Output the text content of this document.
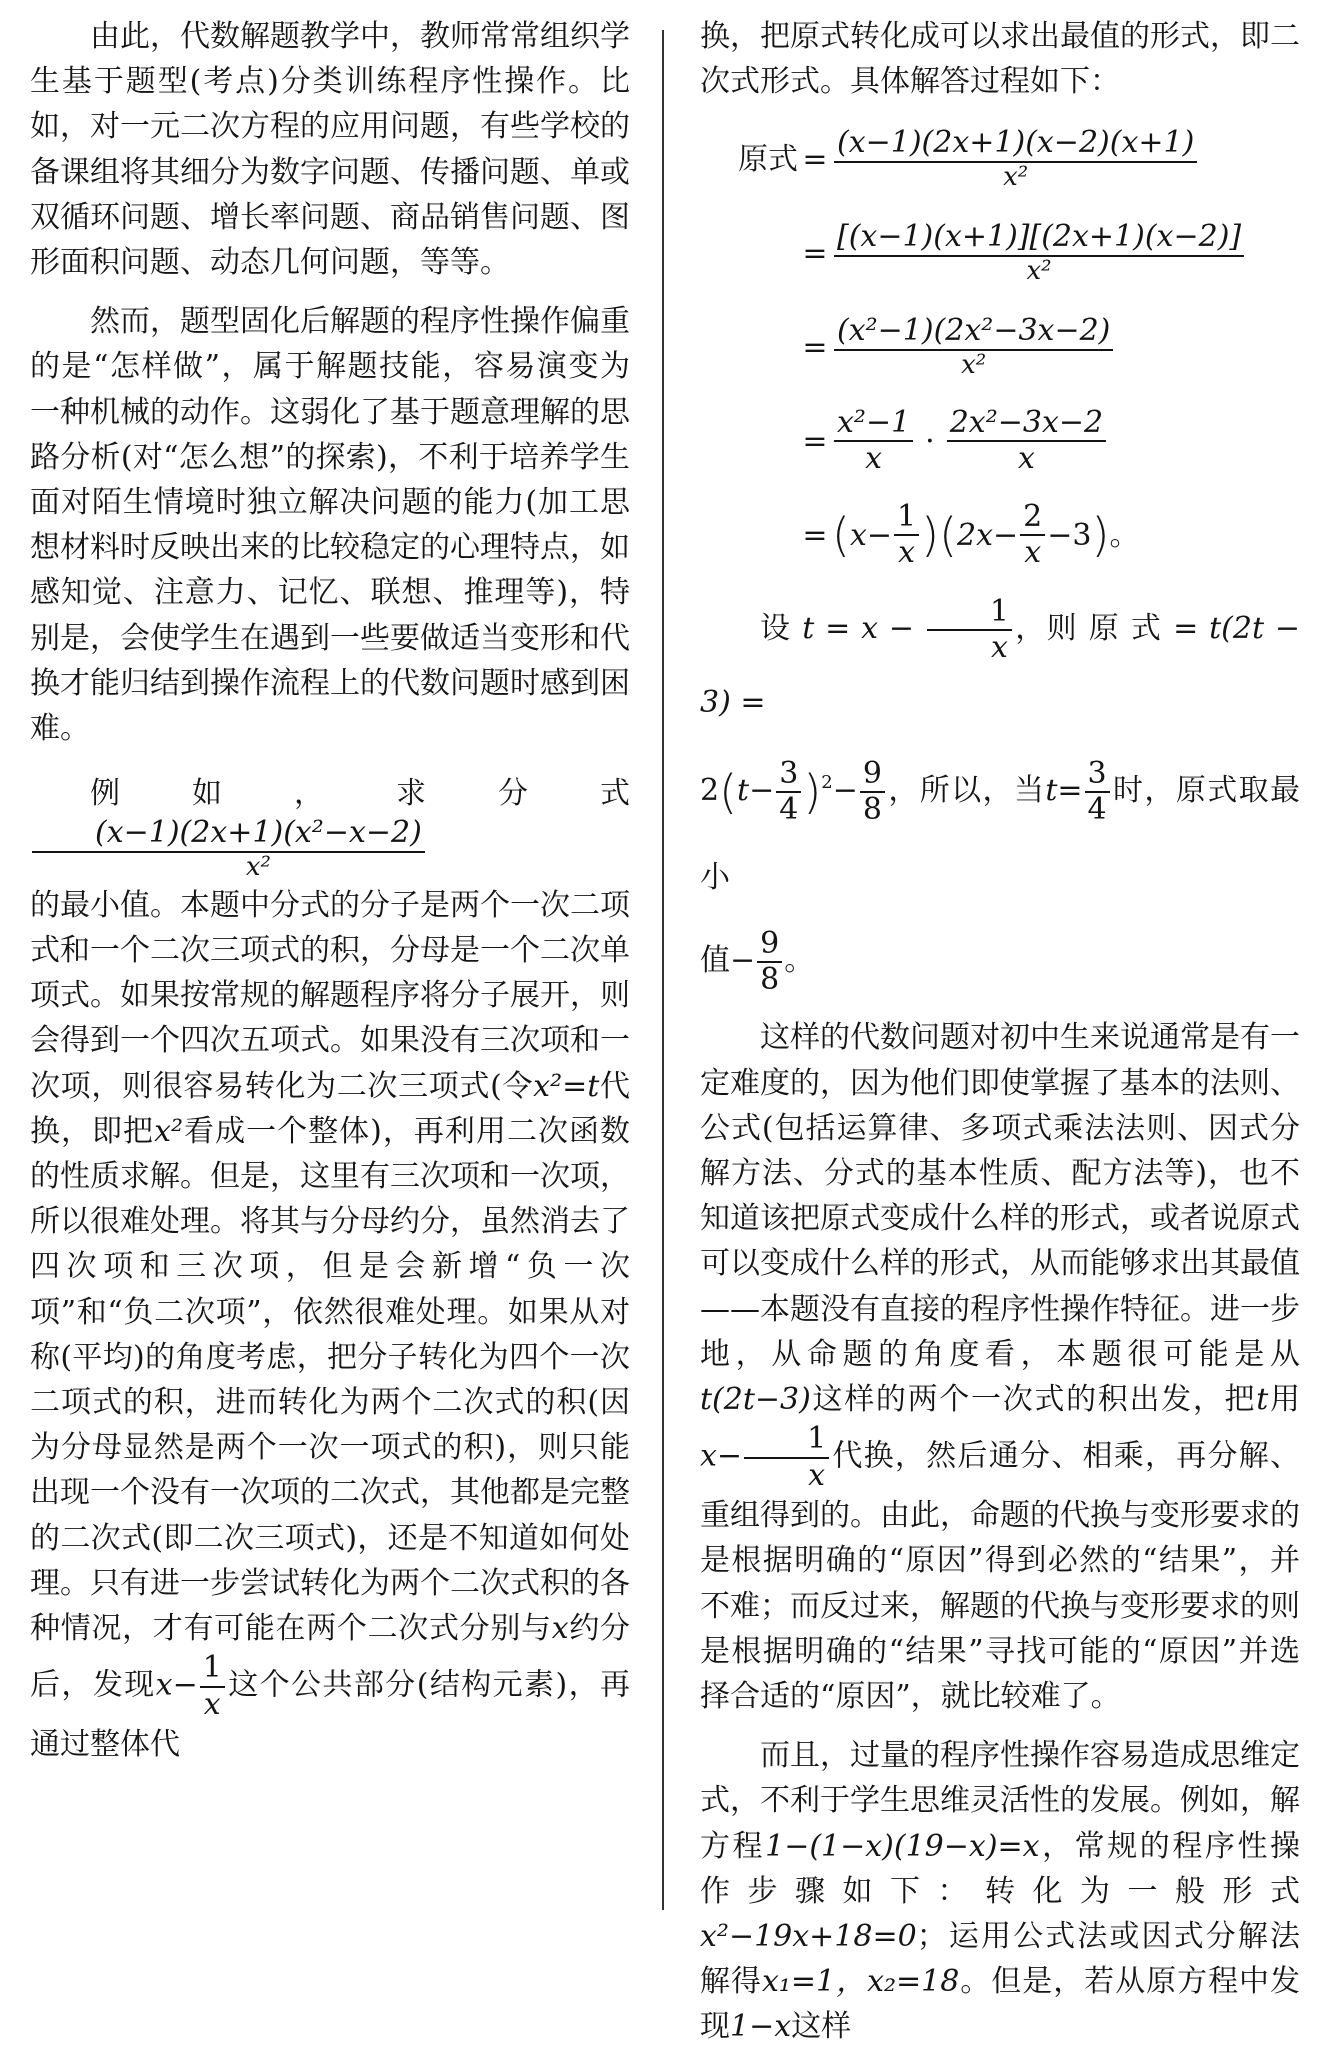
由此，代数解题教学中，教师常常组织学生基于题型(考点)分类训练程序性操作。比如，对一元二次方程的应用问题，有些学校的备课组将其细分为数字问题、传播问题、单或双循环问题、增长率问题、商品销售问题、图形面积问题、动态几何问题，等等。

然而，题型固化后解题的程序性操作偏重的是“怎样做”，属于解题技能，容易演变为一种机械的动作。这弱化了基于题意理解的思路分析(对“怎么想”的探索)，不利于培养学生面对陌生情境时独立解决问题的能力(加工思想材料时反映出来的比较稳定的心理特点，如感知觉、注意力、记忆、联想、推理等)，特别是，会使学生在遇到一些要做适当变形和代换才能归结到操作流程上的代数问题时感到困难。

例如，求分式
$\frac{\text{(x−1)(2x+1)(x²−x−2)}}{\text{x²}}$

的最小值。本题中分式的分子是两个一次二项式和一个二次三项式的积，分母是一个二次单项式。如果按常规的解题程序将分子展开，则会得到一个四次五项式。如果没有三次项和一次项，则很容易转化为二次三项式(令x²=t代换，即把x²看成一个整体)，再利用二次函数的性质求解。但是，这里有三次项和一次项，所以很难处理。将其与分母约分，虽然消去了四次项和三次项，但是会新增“负一次项”和“负二次项”，依然很难处理。如果从对称(平均)的角度考虑，把分子转化为四个一次二项式的积，进而转化为两个二次式的积(因为分母显然是两个一次一项式的积)，则只能出现一个没有一次项的二次式，其他都是完整的二次式(即二次三项式)，还是不知道如何处理。只有进一步尝试转化为两个二次式积的各种情况，才有可能在两个二次式分别与x约分后，发现$x- \frac{1}{x}$ 这个公共部分(结构元素)，再通过整体代

换，把原式转化成可以求出最值的形式，即二次式形式。具体解答过程如下：

原式 = $\frac{(x-1)(2x+1)(x-2)(x+1)}{\text{x²}}$
= $\frac{[(x-1)(x+1)][(2x+1)(x-2)]}{\text{x²}}$
= $\frac{\text{(x²−1)(2x²−3x−2)}}{\text{x²}}$
= $\frac{\text{x²−1}}{x} \cdot \frac{\text{2x²−3x−2}}{x}$
= ( $x- \frac{1}{x}$ ) ( $2x- \frac{2}{x} -3$ ) 。

设 $t = x - \frac{1}{x}$ ，则 原 式 = t(2t − 3) =

$2(t- \frac{3}{4} )^2- \frac{9}{8}$ ，所以，当$t= \frac{3}{4}$ 时，原式取最小

值− $\frac{9}{8}$ 。

这样的代数问题对初中生来说通常是有一定难度的，因为他们即使掌握了基本的法则、公式(包括运算律、多项式乘法法则、因式分解方法、分式的基本性质、配方法等)，也不知道该把原式变成什么样的形式，或者说原式可以变成什么样的形式，从而能够求出其最值——本题没有直接的程序性操作特征。进一步地，从命题的角度看，本题很可能是从t(2t−3)这样的两个一次式的积出发，把t用$x- \frac{1}{x}$ 代换，然后通分、相乘，再分解、重组得到的。由此，命题的代换与变形要求的是根据明确的“原因”得到必然的“结果”，并不难；而反过来，解题的代换与变形要求的则是根据明确的“结果”寻找可能的“原因”并选择合适的“原因”，就比较难了。

而且，过量的程序性操作容易造成思维定式，不利于学生思维灵活性的发展。例如，解方程1−(1−x)(19−x)=x，常规的程序性操作步骤如下：转化为一般形式x²−19x+18=0；运用公式法或因式分解法解得x₁=1，x₂=18。但是，若从原方程中发现1−x这样
